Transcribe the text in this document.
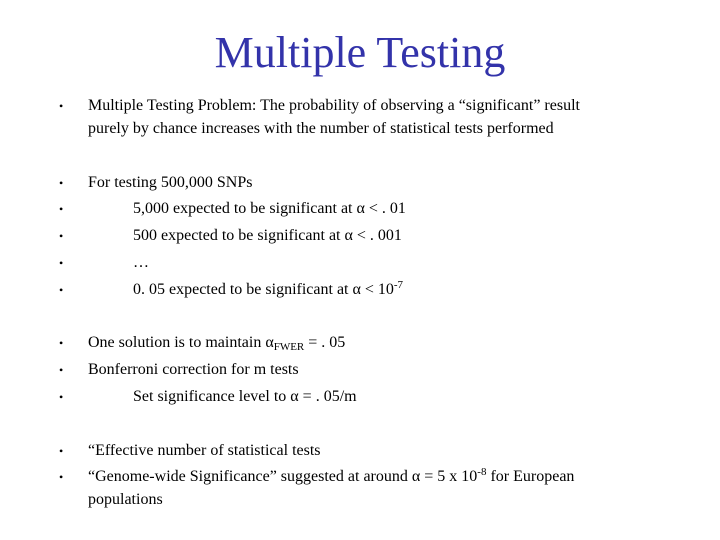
Multiple Testing
• Multiple Testing Problem: The probability of observing a “significant” result
purely by chance increases with the number of statistical tests performed
• For testing 500,000 SNPs
•	5,000 expected to be significant at α < . 01
•	500 expected to be significant at α < . 001
•	…
•	0. 05 expected to be significant at $\alpha < 10^{-7}$
• One solution is to maintain $\alpha_{FWER}$ = . 05
• Bonferroni correction for m tests
•	Set significance level to α = . 05/m
• “Effective number of statistical tests
• “Genome-wide Significance” suggested at around α = 5 x $10^{-8}$ for European
populations
